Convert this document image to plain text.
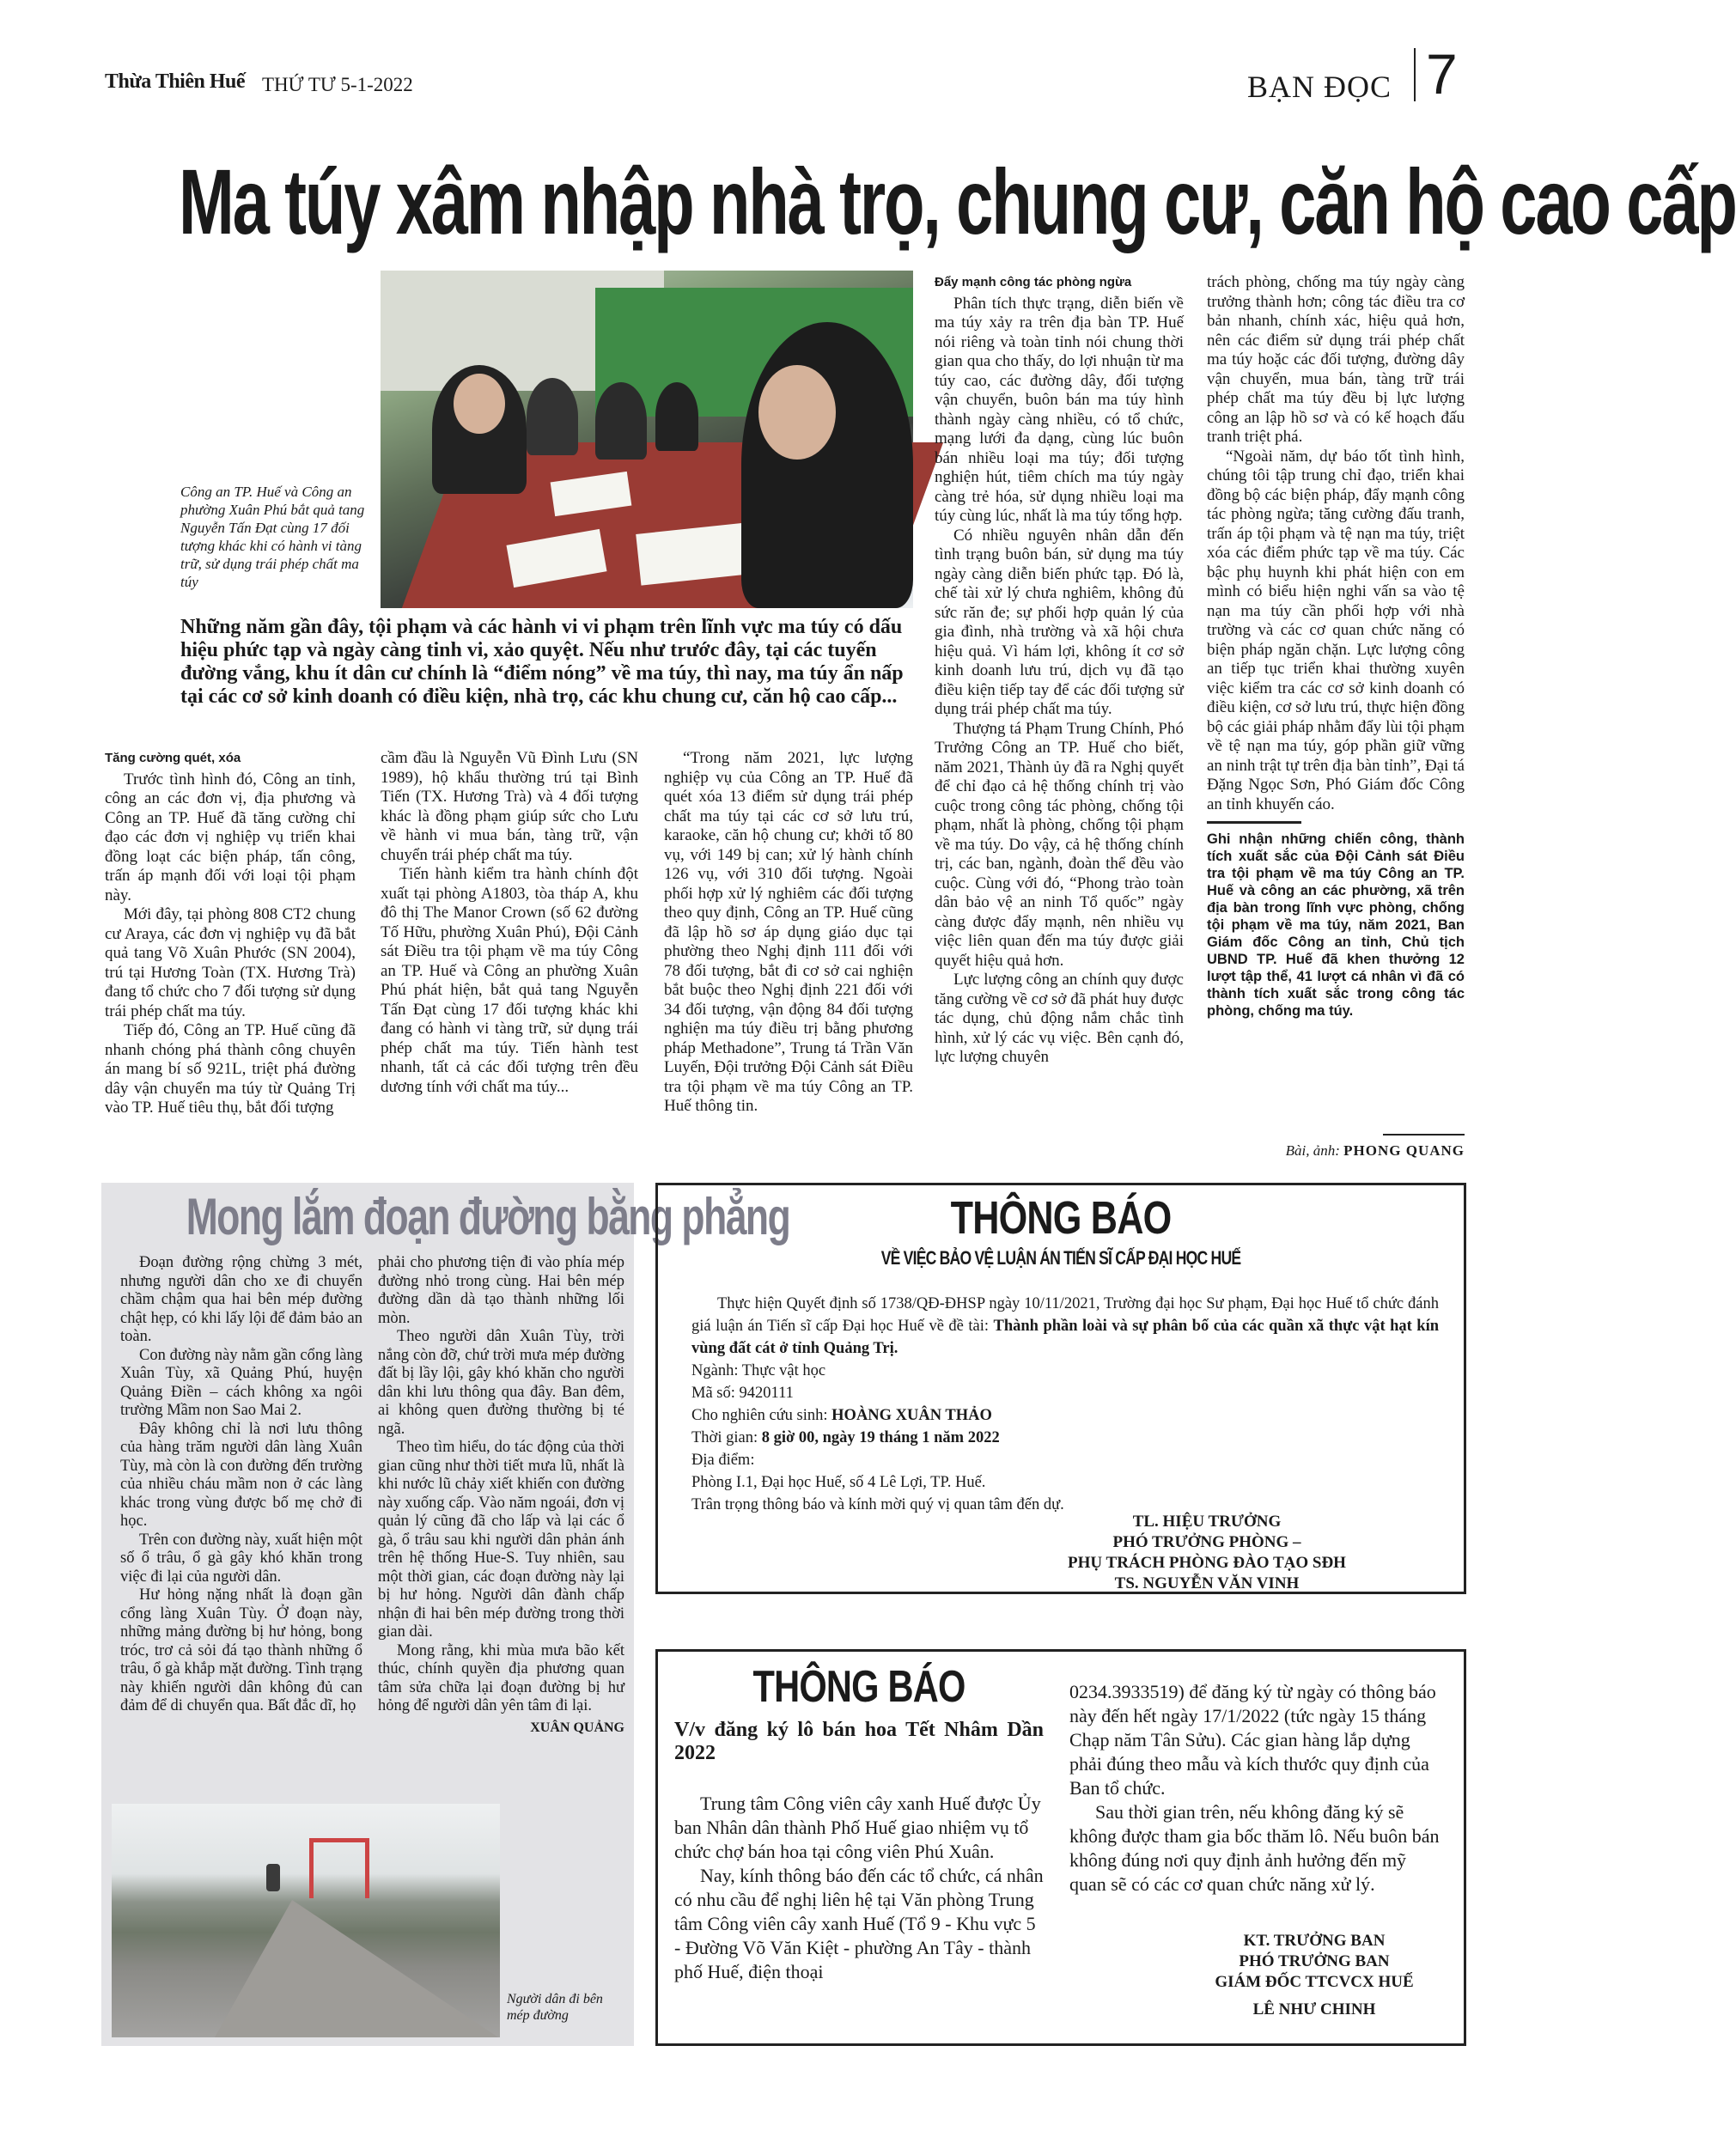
Thừa Thiên Huế THỨ TƯ 5-1-2022	BẠN ĐỌC 7
Ma túy xâm nhập nhà trọ, chung cư, căn hộ cao cấp
Công an TP. Huế và Công an phường Xuân Phú bắt quả tang Nguyễn Tấn Đạt cùng 17 đối tượng khác khi có hành vi tàng trữ, sử dụng trái phép chất ma túy
Những năm gần đây, tội phạm và các hành vi vi phạm trên lĩnh vực ma túy có dấu hiệu phức tạp và ngày càng tinh vi, xảo quyệt. Nếu như trước đây, tại các tuyến đường vắng, khu ít dân cư chính là “điểm nóng” về ma túy, thì nay, ma túy ẩn nấp tại các cơ sở kinh doanh có điều kiện, nhà trọ, các khu chung cư, căn hộ cao cấp...
Tăng cường quét, xóa

Trước tình hình đó, Công an tỉnh, công an các đơn vị, địa phương và Công an TP. Huế đã tăng cường chỉ đạo các đơn vị nghiệp vụ triển khai đồng loạt các biện pháp, tấn công, trấn áp mạnh đối với loại tội phạm này.

Mới đây, tại phòng 808 CT2 chung cư Araya, các đơn vị nghiệp vụ đã bắt quả tang Võ Xuân Phước (SN 2004), trú tại Hương Toàn (TX. Hương Trà) đang tổ chức cho 7 đối tượng sử dụng trái phép chất ma túy.

Tiếp đó, Công an TP. Huế cũng đã nhanh chóng phá thành công chuyên án mang bí số 921L, triệt phá đường dây vận chuyển ma túy từ Quảng Trị vào TP. Huế tiêu thụ, bắt đối tượng

cầm đầu là Nguyễn Vũ Đình Lưu (SN 1989), hộ khẩu thường trú tại Bình Tiến (TX. Hương Trà) và 4 đối tượng khác là đồng phạm giúp sức cho Lưu về hành vi mua bán, tàng trữ, vận chuyển trái phép chất ma túy.

Tiến hành kiểm tra hành chính đột xuất tại phòng A1803, tòa tháp A, khu đô thị The Manor Crown (số 62 đường Tố Hữu, phường Xuân Phú), Đội Cảnh sát Điều tra tội phạm về ma túy Công an TP. Huế và Công an phường Xuân Phú phát hiện, bắt quả tang Nguyễn Tấn Đạt cùng 17 đối tượng khác khi đang có hành vi tàng trữ, sử dụng trái phép chất ma túy. Tiến hành test nhanh, tất cả các đối tượng trên đều dương tính với chất ma túy...

“Trong năm 2021, lực lượng nghiệp vụ của Công an TP. Huế đã quét xóa 13 điểm sử dụng trái phép chất ma túy tại các cơ sở lưu trú, karaoke, căn hộ chung cư; khởi tố 80 vụ, với 149 bị can; xử lý hành chính 126 vụ, với 310 đối tượng. Ngoài phối hợp xử lý nghiêm các đối tượng theo quy định, Công an TP. Huế cũng đã lập hồ sơ áp dụng giáo dục tại phường theo Nghị định 111 đối với 78 đối tượng, bắt đi cơ sở cai nghiện bắt buộc theo Nghị định 221 đối với 34 đối tượng, vận động 84 đối tượng nghiện ma túy điều trị bằng phương pháp Methadone”, Trung tá Trần Văn Luyến, Đội trưởng Đội Cảnh sát Điều tra tội phạm về ma túy Công an TP. Huế thông tin.

Đẩy mạnh công tác phòng ngừa

Phân tích thực trạng, diễn biến về ma túy xảy ra trên địa bàn TP. Huế nói riêng và toàn tỉnh nói chung thời gian qua cho thấy, do lợi nhuận từ ma túy cao, các đường dây, đối tượng vận chuyển, buôn bán ma túy hình thành ngày càng nhiều, có tổ chức, mạng lưới đa dạng, cùng lúc buôn bán nhiều loại ma túy; đối tượng nghiện hút, tiêm chích ma túy ngày càng trẻ hóa, sử dụng nhiều loại ma túy cùng lúc, nhất là ma túy tổng hợp.

Có nhiều nguyên nhân dẫn đến tình trạng buôn bán, sử dụng ma túy ngày càng diễn biến phức tạp. Đó là, chế tài xử lý chưa nghiêm, không đủ sức răn đe; sự phối hợp quản lý của gia đình, nhà trường và xã hội chưa hiệu quả. Vì hám lợi, không ít cơ sở kinh doanh lưu trú, dịch vụ đã tạo điều kiện tiếp tay để các đối tượng sử dụng trái phép chất ma túy.

Thượng tá Phạm Trung Chính, Phó Trưởng Công an TP. Huế cho biết, năm 2021, Thành ủy đã ra Nghị quyết để chỉ đạo cả hệ thống chính trị vào cuộc trong công tác phòng, chống tội phạm, nhất là phòng, chống tội phạm về ma túy. Do vậy, cả hệ thống chính trị, các ban, ngành, đoàn thể đều vào cuộc. Cùng với đó, “Phong trào toàn dân bảo vệ an ninh Tổ quốc” ngày càng được đẩy mạnh, nên nhiều vụ việc liên quan đến ma túy được giải quyết hiệu quả hơn.

Lực lượng công an chính quy được tăng cường về cơ sở đã phát huy được tác dụng, chủ động nắm chắc tình hình, xử lý các vụ việc. Bên cạnh đó, lực lượng chuyên

trách phòng, chống ma túy ngày càng trưởng thành hơn; công tác điều tra cơ bản nhanh, chính xác, hiệu quả hơn, nên các điểm sử dụng trái phép chất ma túy hoặc các đối tượng, đường dây vận chuyển, mua bán, tàng trữ trái phép chất ma túy đều bị lực lượng công an lập hồ sơ và có kế hoạch đấu tranh triệt phá.

“Ngoài năm, dự báo tốt tình hình, chúng tôi tập trung chỉ đạo, triển khai đồng bộ các biện pháp, đẩy mạnh công tác phòng ngừa; tăng cường đấu tranh, trấn áp tội phạm và tệ nạn ma túy, triệt xóa các điểm phức tạp về ma túy. Các bậc phụ huynh khi phát hiện con em mình có biểu hiện nghi vấn sa vào tệ nạn ma túy cần phối hợp với nhà trường và các cơ quan chức năng có biện pháp ngăn chặn. Lực lượng công an tiếp tục triển khai thường xuyên việc kiểm tra các cơ sở kinh doanh có điều kiện, cơ sở lưu trú, thực hiện đồng bộ các giải pháp nhằm đẩy lùi tội phạm về tệ nạn ma túy, góp phần giữ vững an ninh trật tự trên địa bàn tỉnh”, Đại tá Đặng Ngọc Sơn, Phó Giám đốc Công an tỉnh khuyến cáo.

Ghi nhận những chiến công, thành tích xuất sắc của Đội Cảnh sát Điều tra tội phạm về ma túy Công an TP. Huế và công an các phường, xã trên địa bàn trong lĩnh vực phòng, chống tội phạm về ma túy, năm 2021, Ban Giám đốc Công an tỉnh, Chủ tịch UBND TP. Huế đã khen thưởng 12 lượt tập thể, 41 lượt cá nhân vì đã có thành tích xuất sắc trong công tác phòng, chống ma túy.
Bài, ảnh: PHONG QUANG
Mong lắm đoạn đường bằng phẳng

Đoạn đường rộng chừng 3 mét, nhưng người dân cho xe đi chuyển chầm chậm qua hai bên mép đường chật hẹp, có khi lấy lội để đảm bảo an toàn.

Con đường này nằm gần cổng làng Xuân Tùy, xã Quảng Phú, huyện Quảng Điền – cách không xa ngôi trường Mầm non Sao Mai 2.

Đây không chỉ là nơi lưu thông của hàng trăm người dân làng Xuân Tùy, mà còn là con đường đến trường của nhiều cháu mầm non ở các làng khác trong vùng được bố mẹ chở đi học.

Trên con đường này, xuất hiện một số ổ trâu, ổ gà gây khó khăn trong việc đi lại của người dân.

Hư hỏng nặng nhất là đoạn gần cổng làng Xuân Tùy. Ở đoạn này, những mảng đường bị hư hỏng, bong tróc, trơ cả sỏi đá tạo thành những ổ trâu, ổ gà khắp mặt đường. Tình trạng này khiến người dân không đủ can đảm để di chuyển qua. Bất đắc dĩ, họ

phải cho phương tiện đi vào phía mép đường nhỏ trong cùng. Hai bên mép đường dần dà tạo thành những lối mòn.

Theo người dân Xuân Tùy, trời nắng còn đỡ, chứ trời mưa mép đường đất bị lầy lội, gây khó khăn cho người dân khi lưu thông qua đây. Ban đêm, ai không quen đường thường bị té ngã.

Theo tìm hiểu, do tác động của thời gian cũng như thời tiết mưa lũ, nhất là khi nước lũ chảy xiết khiến con đường này xuống cấp. Vào năm ngoái, đơn vị quản lý cũng đã cho lấp và lại các ổ gà, ổ trâu sau khi người dân phản ánh trên hệ thống Hue-S. Tuy nhiên, sau một thời gian, các đoạn đường này lại bị hư hỏng. Người dân đành chấp nhận đi hai bên mép đường trong thời gian dài.

Mong rằng, khi mùa mưa bão kết thúc, chính quyền địa phương quan tâm sửa chữa lại đoạn đường bị hư hỏng để người dân yên tâm đi lại.

XUÂN QUẢNG
Người dân đi bên mép đường
THÔNG BÁO
VỀ VIỆC BẢO VỆ LUẬN ÁN TIẾN SĨ CẤP ĐẠI HỌC HUẾ
Thực hiện Quyết định số 1738/QĐ-ĐHSP ngày 10/11/2021, Trường đại học Sư phạm, Đại học Huế tổ chức đánh giá luận án Tiến sĩ cấp Đại học Huế về đề tài: Thành phần loài và sự phân bố của các quần xã thực vật hạt kín vùng đất cát ở tỉnh Quảng Trị.
Ngành: Thực vật học
Mã số: 9420111
Cho nghiên cứu sinh: HOÀNG XUÂN THẢO
Thời gian: 8 giờ 00, ngày 19 tháng 1 năm 2022
Địa điểm:
Phòng I.1, Đại học Huế, số 4 Lê Lợi, TP. Huế.
Trân trọng thông báo và kính mời quý vị quan tâm đến dự.
TL. HIỆU TRƯỞNG
PHÓ TRƯỞNG PHÒNG –
PHỤ TRÁCH PHÒNG ĐÀO TẠO SĐH
TS. NGUYỄN VĂN VINH
THÔNG BÁO
V/v đăng ký lô bán hoa Tết Nhâm Dần 2022

Trung tâm Công viên cây xanh Huế được Ủy ban Nhân dân thành Phố Huế giao nhiệm vụ tổ chức chợ bán hoa tại công viên Phú Xuân.

Nay, kính thông báo đến các tổ chức, cá nhân có nhu cầu để nghị liên hệ tại Văn phòng Trung tâm Công viên cây xanh Huế (Tổ 9 - Khu vực 5 - Đường Võ Văn Kiệt - phường An Tây - thành phố Huế, điện thoại

0234.3933519) để đăng ký từ ngày có thông báo này đến hết ngày 17/1/2022 (tức ngày 15 tháng Chạp năm Tân Sửu). Các gian hàng lắp dựng phải đúng theo mẫu và kích thước quy định của Ban tổ chức.

Sau thời gian trên, nếu không đăng ký sẽ không được tham gia bốc thăm lô. Nếu buôn bán không đúng nơi quy định ảnh hưởng đến mỹ quan sẽ có các cơ quan chức năng xử lý.

KT. TRƯỞNG BAN
PHÓ TRƯỞNG BAN
GIÁM ĐỐC TTCVCX HUẾ
LÊ NHƯ CHINH
